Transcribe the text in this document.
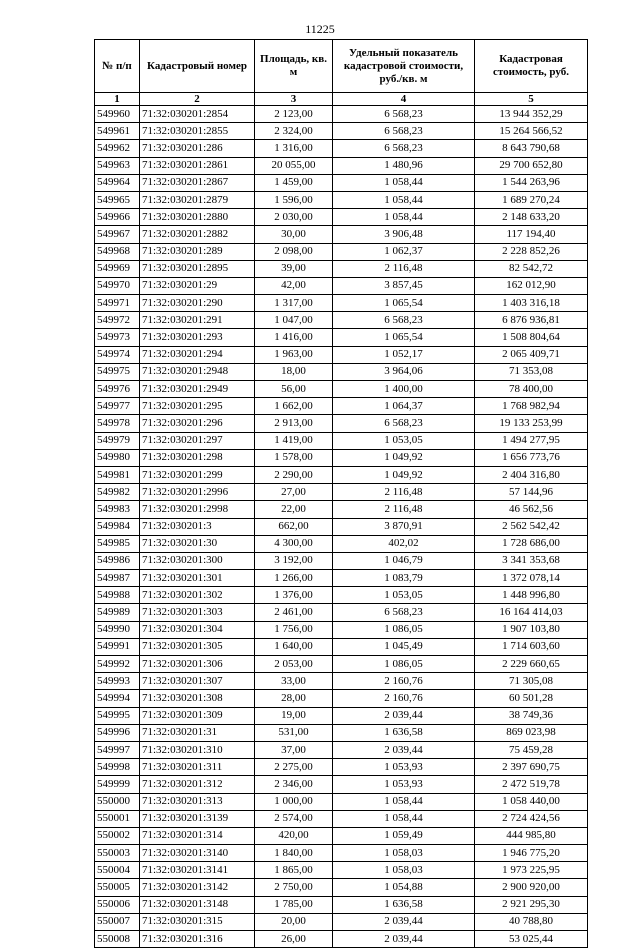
11225
№ п/п	Кадастровый номер	Площадь, кв. м	Удельный показатель кадастровой стоимости, руб./кв. м	Кадастровая стоимость, руб.
1	2	3	4	5
549960	71:32:030201:2854	2 123,00	6 568,23	13 944 352,29
549961	71:32:030201:2855	2 324,00	6 568,23	15 264 566,52
549962	71:32:030201:286	1 316,00	6 568,23	8 643 790,68
549963	71:32:030201:2861	20 055,00	1 480,96	29 700 652,80
549964	71:32:030201:2867	1 459,00	1 058,44	1 544 263,96
549965	71:32:030201:2879	1 596,00	1 058,44	1 689 270,24
549966	71:32:030201:2880	2 030,00	1 058,44	2 148 633,20
549967	71:32:030201:2882	30,00	3 906,48	117 194,40
549968	71:32:030201:289	2 098,00	1 062,37	2 228 852,26
549969	71:32:030201:2895	39,00	2 116,48	82 542,72
549970	71:32:030201:29	42,00	3 857,45	162 012,90
549971	71:32:030201:290	1 317,00	1 065,54	1 403 316,18
549972	71:32:030201:291	1 047,00	6 568,23	6 876 936,81
549973	71:32:030201:293	1 416,00	1 065,54	1 508 804,64
549974	71:32:030201:294	1 963,00	1 052,17	2 065 409,71
549975	71:32:030201:2948	18,00	3 964,06	71 353,08
549976	71:32:030201:2949	56,00	1 400,00	78 400,00
549977	71:32:030201:295	1 662,00	1 064,37	1 768 982,94
549978	71:32:030201:296	2 913,00	6 568,23	19 133 253,99
549979	71:32:030201:297	1 419,00	1 053,05	1 494 277,95
549980	71:32:030201:298	1 578,00	1 049,92	1 656 773,76
549981	71:32:030201:299	2 290,00	1 049,92	2 404 316,80
549982	71:32:030201:2996	27,00	2 116,48	57 144,96
549983	71:32:030201:2998	22,00	2 116,48	46 562,56
549984	71:32:030201:3	662,00	3 870,91	2 562 542,42
549985	71:32:030201:30	4 300,00	402,02	1 728 686,00
549986	71:32:030201:300	3 192,00	1 046,79	3 341 353,68
549987	71:32:030201:301	1 266,00	1 083,79	1 372 078,14
549988	71:32:030201:302	1 376,00	1 053,05	1 448 996,80
549989	71:32:030201:303	2 461,00	6 568,23	16 164 414,03
549990	71:32:030201:304	1 756,00	1 086,05	1 907 103,80
549991	71:32:030201:305	1 640,00	1 045,49	1 714 603,60
549992	71:32:030201:306	2 053,00	1 086,05	2 229 660,65
549993	71:32:030201:307	33,00	2 160,76	71 305,08
549994	71:32:030201:308	28,00	2 160,76	60 501,28
549995	71:32:030201:309	19,00	2 039,44	38 749,36
549996	71:32:030201:31	531,00	1 636,58	869 023,98
549997	71:32:030201:310	37,00	2 039,44	75 459,28
549998	71:32:030201:311	2 275,00	1 053,93	2 397 690,75
549999	71:32:030201:312	2 346,00	1 053,93	2 472 519,78
550000	71:32:030201:313	1 000,00	1 058,44	1 058 440,00
550001	71:32:030201:3139	2 574,00	1 058,44	2 724 424,56
550002	71:32:030201:314	420,00	1 059,49	444 985,80
550003	71:32:030201:3140	1 840,00	1 058,03	1 946 775,20
550004	71:32:030201:3141	1 865,00	1 058,03	1 973 225,95
550005	71:32:030201:3142	2 750,00	1 054,88	2 900 920,00
550006	71:32:030201:3148	1 785,00	1 636,58	2 921 295,30
550007	71:32:030201:315	20,00	2 039,44	40 788,80
550008	71:32:030201:316	26,00	2 039,44	53 025,44
